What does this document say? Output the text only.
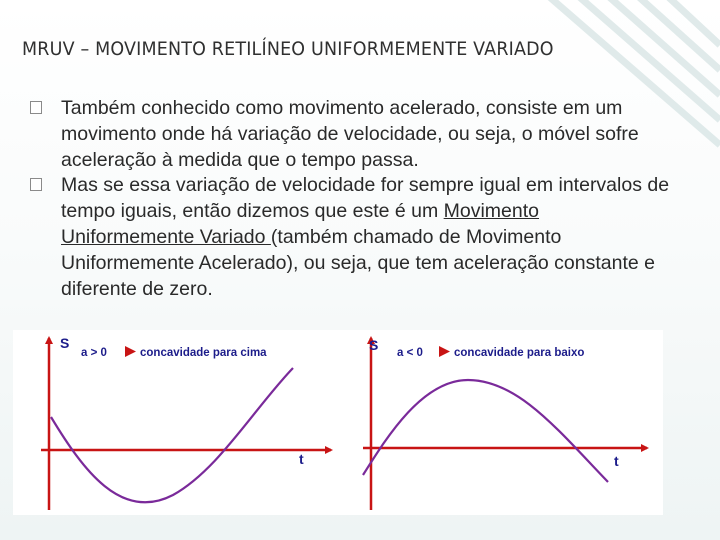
MRUV – MOVIMENTO RETILÍNEO UNIFORMEMENTE VARIADO
Também conhecido como movimento acelerado, consiste em um movimento onde há variação de velocidade, ou seja, o móvel sofre aceleração à medida que o tempo passa.
Mas se essa variação de velocidade for sempre igual em intervalos de tempo iguais, então dizemos que este é um Movimento Uniformemente Variado (também chamado de Movimento Uniformemente Acelerado), ou seja, que tem aceleração constante e diferente de zero.
S
t
a > 0	concavidade para cima	S
t
a < 0	concavidade para baixo
